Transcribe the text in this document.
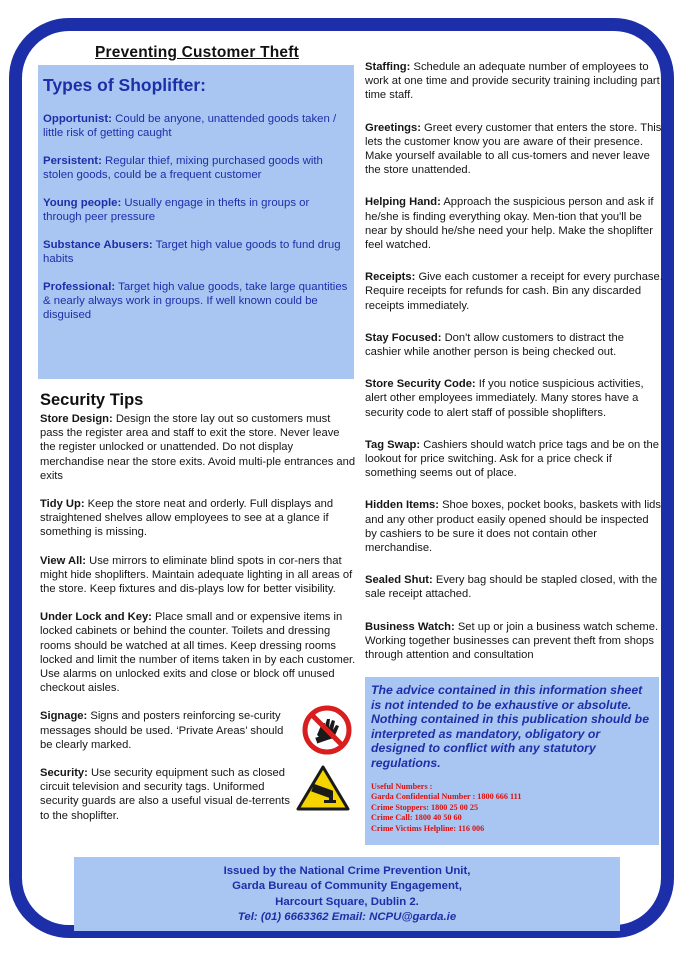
Preventing Customer Theft
Types of Shoplifter:
Opportunist: Could be anyone, unattended goods taken / little risk of getting caught
Persistent: Regular thief, mixing purchased goods with stolen goods, could be a frequent customer
Young people: Usually engage in thefts in groups or through peer pressure
Substance Abusers: Target high value goods to fund drug habits
Professional: Target high value goods, take large quantities & nearly always work in groups. If well known could be disguised
Security Tips
Store Design: Design the store lay out so customers must pass the register area and staff to exit the store. Never leave the register unlocked or unattended. Do not display merchandise near the store exits. Avoid multi-ple entrances and exits
Tidy Up: Keep the store neat and orderly. Full displays and straightened shelves allow employees to see at a glance if something is missing.
View All: Use mirrors to eliminate blind spots in cor-ners that might hide shoplifters. Maintain adequate lighting in all areas of the store. Keep fixtures and dis-plays low for better visibility.
Under Lock and Key: Place small and or expensive items in locked cabinets or behind the counter. Toilets and dressing rooms should be watched at all times. Keep dressing rooms locked and limit the number of items taken in by each customer. Use alarms on unlocked exits and close or block off unused checkout aisles.
Signage: Signs and posters reinforcing se-curity messages should be used. ‘Private Areas’ should be clearly marked.
Security: Use security equipment such as closed circuit television and security tags. Uniformed security guards are also a useful visual de-terrents to the shoplifter.
Staffing: Schedule an adequate number of employees to work at one time and provide security training including part time staff.
Greetings: Greet every customer that enters the store. This lets the customer know you are aware of their presence. Make yourself available to all cus-tomers and never leave the store unattended.
Helping Hand: Approach the suspicious person and ask if he/she is finding everything okay. Men-tion that you'll be near by should he/she need your help. Make the shoplifter feel watched.
Receipts: Give each customer a receipt for every purchase. Require receipts for refunds for cash. Bin any discarded receipts immediately.
Stay Focused: Don't allow customers to distract the cashier while another person is being checked out.
Store Security Code: If you notice suspicious activities, alert other employees immediately. Many stores have a security code to alert staff of possible shoplifters.
Tag Swap: Cashiers should watch price tags and be on the lookout for price switching. Ask for a price check if something seems out of place.
Hidden Items: Shoe boxes, pocket books, baskets with lids and any other product easily opened should be inspected by cashiers to be sure it does not contain other merchandise.
Sealed Shut: Every bag should be stapled closed, with the sale receipt attached.
Business Watch: Set up or join a business watch scheme. Working together businesses can prevent theft from shops through attention and consultation

The advice contained in this information sheet is not intended to be exhaustive or absolute. Nothing contained in this publication should be interpreted as mandatory, obligatory or designed to conflict with any statutory regulations.

Useful Numbers :
Garda Confidential Number : 1800 666 111
Crime Stoppers: 1800 25 00 25
Crime Call: 1800 40 50 60
Crime Victims Helpline: 116 006

Issued by the National Crime Prevention Unit,

Garda Bureau of Community Engagement,

Harcourt Square, Dublin 2.

Tel: (01) 6663362 Email: NCPU@garda.ie
